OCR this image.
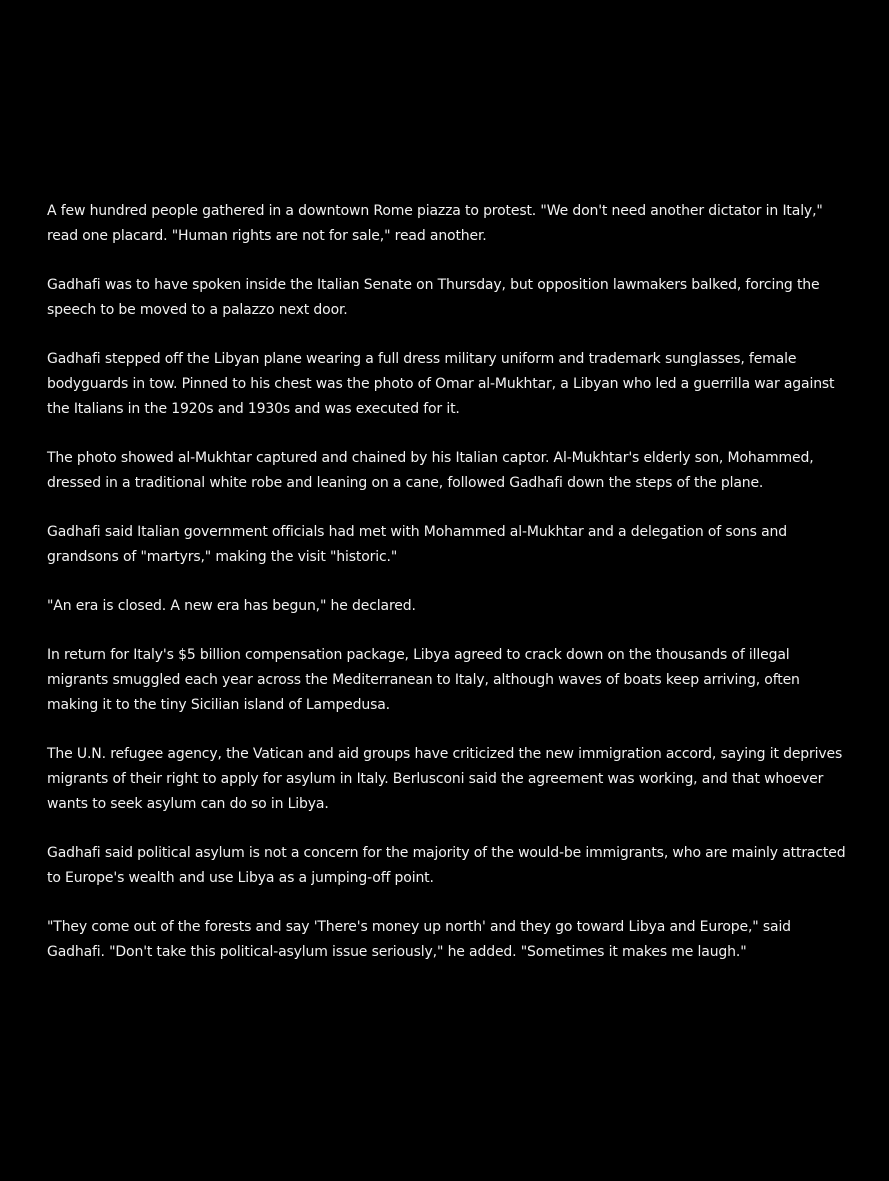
A few hundred people gathered in a downtown Rome piazza to protest. "We don't need another dictator in Italy," read one placard. "Human rights are not for sale," read another.

Gadhafi was to have spoken inside the Italian Senate on Thursday, but opposition lawmakers balked, forcing the speech to be moved to a palazzo next door.

Gadhafi stepped off the Libyan plane wearing a full dress military uniform and trademark sunglasses, female bodyguards in tow. Pinned to his chest was the photo of Omar al-Mukhtar, a Libyan who led a guerrilla war against the Italians in the 1920s and 1930s and was executed for it.

The photo showed al-Mukhtar captured and chained by his Italian captor. Al-Mukhtar's elderly son, Mohammed, dressed in a traditional white robe and leaning on a cane, followed Gadhafi down the steps of the plane.

Gadhafi said Italian government officials had met with Mohammed al-Mukhtar and a delegation of sons and grandsons of "martyrs," making the visit "historic."

"An era is closed. A new era has begun," he declared.

In return for Italy's $5 billion compensation package, Libya agreed to crack down on the thousands of illegal migrants smuggled each year across the Mediterranean to Italy, although waves of boats keep arriving, often making it to the tiny Sicilian island of Lampedusa.

The U.N. refugee agency, the Vatican and aid groups have criticized the new immigration accord, saying it deprives migrants of their right to apply for asylum in Italy. Berlusconi said the agreement was working, and that whoever wants to seek asylum can do so in Libya.

Gadhafi said political asylum is not a concern for the majority of the would-be immigrants, who are mainly attracted to Europe's wealth and use Libya as a jumping-off point.

"They come out of the forests and say 'There's money up north' and they go toward Libya and Europe," said Gadhafi. "Don't take this political-asylum issue seriously," he added. "Sometimes it makes me laugh."
